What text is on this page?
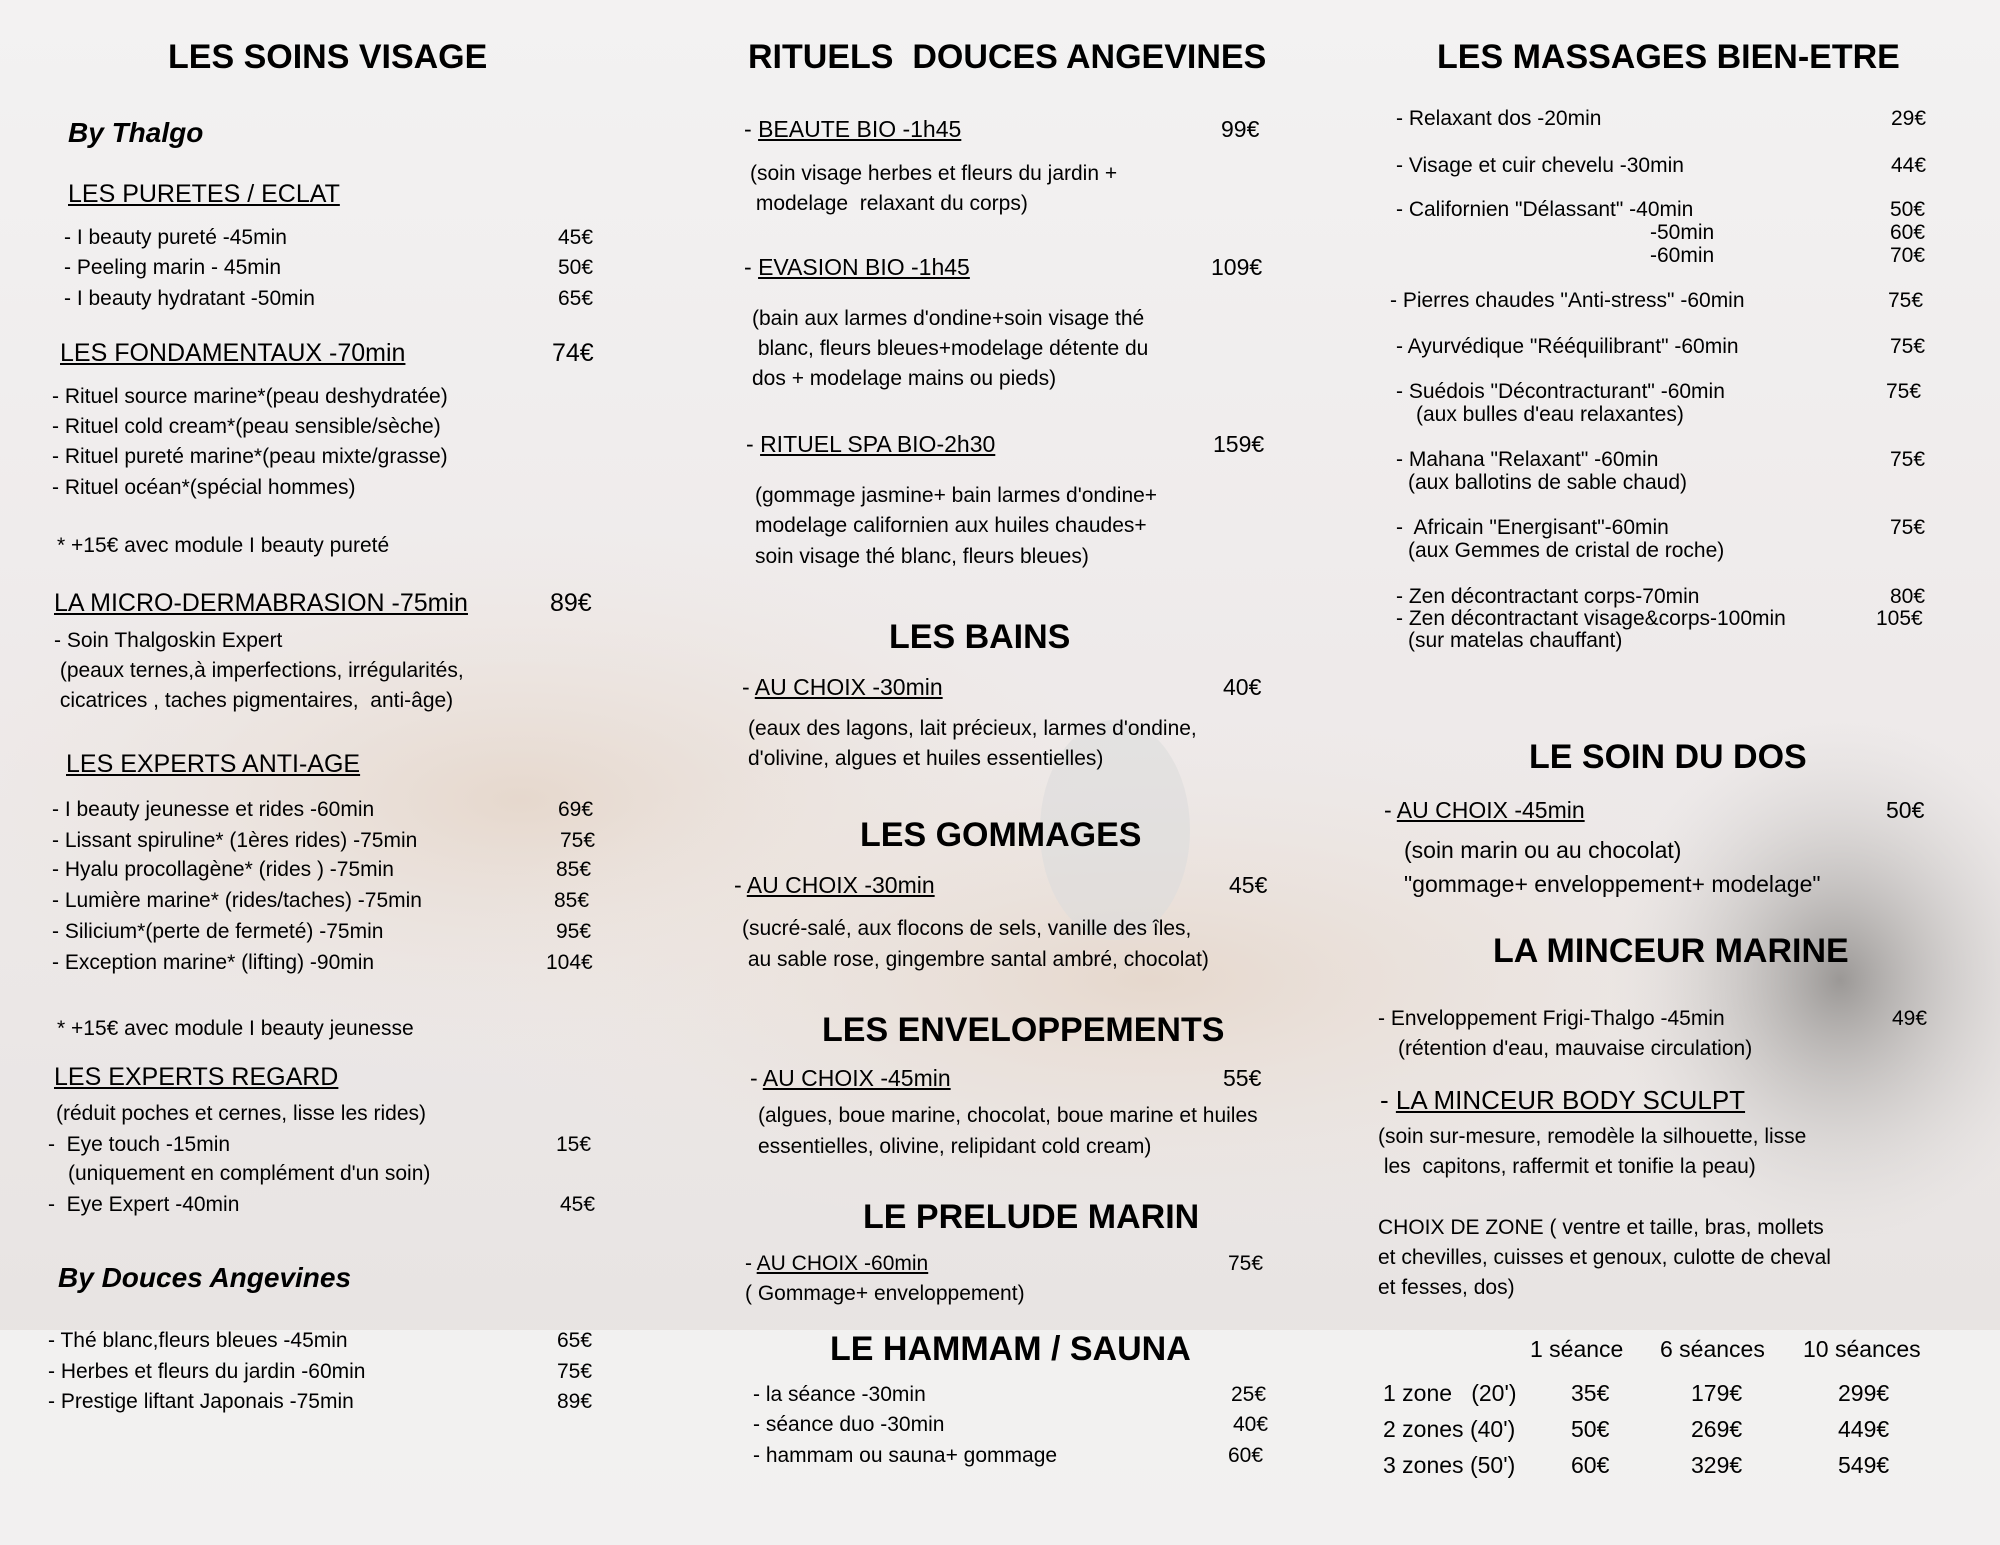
LES SOINS VISAGE
By Thalgo
LES PURETES / ECLAT
- I beauty pureté -45min	45€
- Peeling marin - 45min	50€
- I beauty hydratant -50min	65€
LES FONDAMENTAUX -70min	74€
- Rituel source marine*(peau deshydratée)
- Rituel cold cream*(peau sensible/sèche)
- Rituel pureté marine*(peau mixte/grasse)
- Rituel océan*(spécial hommes)
* +15€ avec module I beauty pureté
LA MICRO-DERMABRASION -75min	89€
- Soin Thalgoskin Expert
(peaux ternes,à imperfections, irrégularités,
cicatrices , taches pigmentaires,  anti-âge)
LES EXPERTS ANTI-AGE
- I beauty jeunesse et rides -60min	69€
- Lissant spiruline* (1ères rides) -75min	75€
- Hyalu procollagène* (rides ) -75min	85€
- Lumière marine* (rides/taches) -75min	85€
- Silicium*(perte de fermeté) -75min	95€
- Exception marine* (lifting) -90min	104€
* +15€ avec module I beauty jeunesse
LES EXPERTS REGARD
(réduit poches et cernes, lisse les rides)
-  Eye touch -15min	15€
(uniquement en complément d'un soin)
-  Eye Expert -40min	45€
By Douces Angevines
- Thé blanc,fleurs bleues -45min	65€
- Herbes et fleurs du jardin -60min	75€
- Prestige liftant Japonais -75min	89€
RITUELS  DOUCES ANGEVINES
- BEAUTE BIO -1h45	99€
(soin visage herbes et fleurs du jardin +
modelage  relaxant du corps)
- EVASION BIO -1h45	109€
(bain aux larmes d'ondine+soin visage thé
blanc, fleurs bleues+modelage détente du
dos + modelage mains ou pieds)
- RITUEL SPA BIO-2h30	159€
(gommage jasmine+ bain larmes d'ondine+
modelage californien aux huiles chaudes+
soin visage thé blanc, fleurs bleues)
LES BAINS
- AU CHOIX -30min	40€
(eaux des lagons, lait précieux, larmes d'ondine,
d'olivine, algues et huiles essentielles)
LES GOMMAGES
- AU CHOIX -30min	45€
(sucré-salé, aux flocons de sels, vanille des îles,
au sable rose, gingembre santal ambré, chocolat)
LES ENVELOPPEMENTS
- AU CHOIX -45min	55€
(algues, boue marine, chocolat, boue marine et huiles
essentielles, olivine, relipidant cold cream)
LE PRELUDE MARIN
- AU CHOIX -60min	75€
( Gommage+ enveloppement)
LE HAMMAM / SAUNA
- la séance -30min	25€
- séance duo -30min	40€
- hammam ou sauna+ gommage	60€
LES MASSAGES BIEN-ETRE
- Relaxant dos -20min	29€
- Visage et cuir chevelu -30min	44€
- Californien "Délassant" -40min	50€
-50min	60€
-60min	70€
- Pierres chaudes "Anti-stress" -60min	75€
- Ayurvédique "Rééquilibrant" -60min	75€
- Suédois "Décontracturant" -60min	75€
(aux bulles d'eau relaxantes)
- Mahana "Relaxant" -60min	75€
(aux ballotins de sable chaud)
-  Africain "Energisant"-60min	75€
(aux Gemmes de cristal de roche)
- Zen décontractant corps-70min	80€
- Zen décontractant visage&corps-100min	105€
(sur matelas chauffant)
LE SOIN DU DOS
- AU CHOIX -45min	50€
(soin marin ou au chocolat)
"gommage+ enveloppement+ modelage"
LA MINCEUR MARINE
- Enveloppement Frigi-Thalgo -45min	49€
(rétention d'eau, mauvaise circulation)
- LA MINCEUR BODY SCULPT
(soin sur-mesure, remodèle la silhouette, lisse
les  capitons, raffermit et tonifie la peau)
CHOIX DE ZONE ( ventre et taille, bras, mollets
et chevilles, cuisses et genoux, culotte de cheval
et fesses, dos)
1 séance 6 séances 10 séances
1 zone   (20') 35€	179€	299€
2 zones (40') 50€	269€	449€
3 zones (50') 60€	329€	549€
